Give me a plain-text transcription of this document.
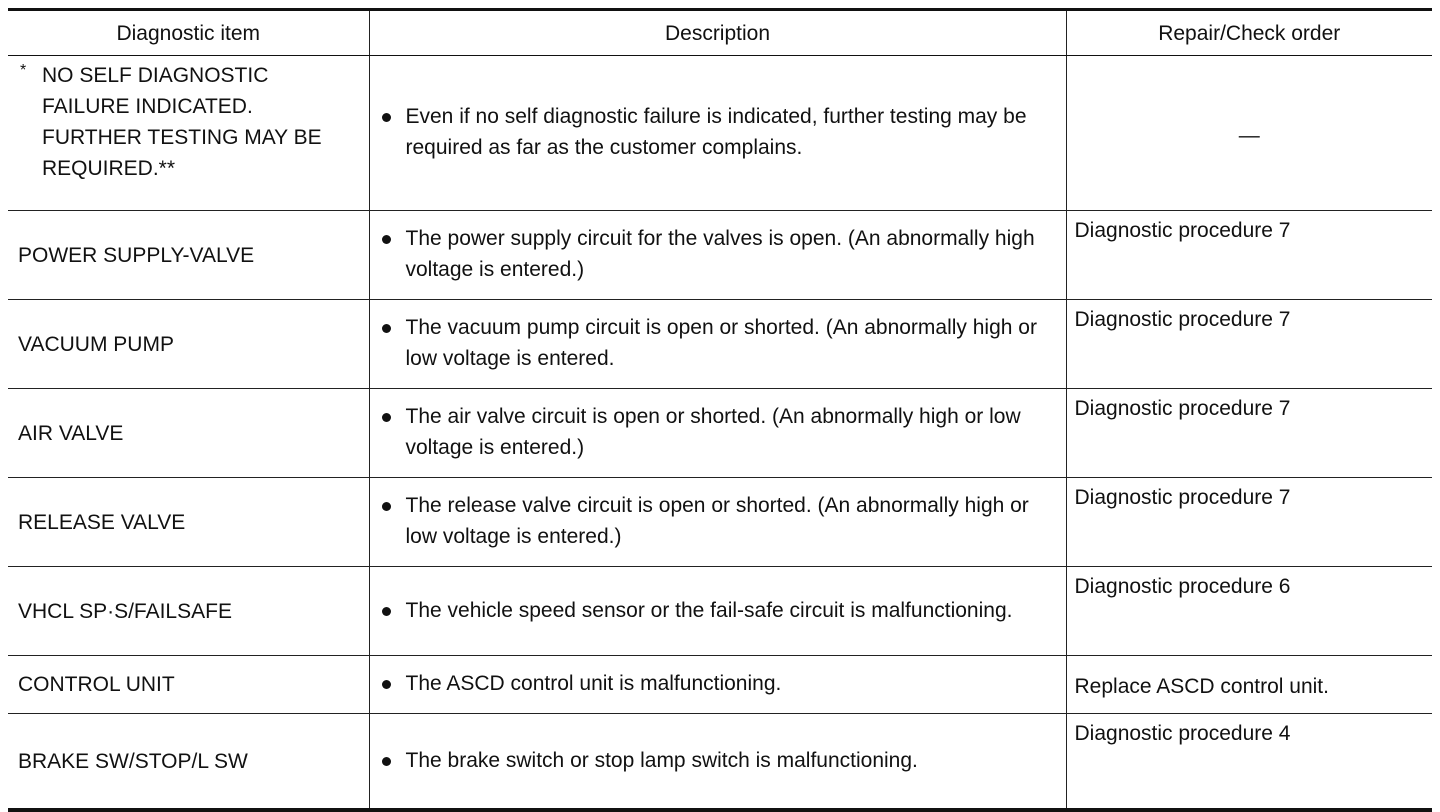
Diagnostic item	Description	Repair/Check order

* NO SELF DIAGNOSTIC
FAILURE INDICATED.
FURTHER TESTING MAY BE
REQUIRED.**	Even if no self diagnostic failure is indicated, further testing may be required as far as the customer complains.	—
POWER SUPPLY-VALVE	The power supply circuit for the valves is open. (An abnormally high voltage is entered.)	Diagnostic procedure 7
VACUUM PUMP	The vacuum pump circuit is open or shorted. (An abnormally high or low voltage is entered.	Diagnostic procedure 7
AIR VALVE	The air valve circuit is open or shorted. (An abnormally high or low voltage is entered.)	Diagnostic procedure 7
RELEASE VALVE	The release valve circuit is open or shorted. (An abnormally high or low voltage is entered.)	Diagnostic procedure 7
VHCL SP·S/FAILSAFE	The vehicle speed sensor or the fail-safe circuit is malfunctioning.	Diagnostic procedure 6
CONTROL UNIT	The ASCD control unit is malfunctioning.	Replace ASCD control unit.
BRAKE SW/STOP/L SW	The brake switch or stop lamp switch is malfunctioning.	Diagnostic procedure 4
